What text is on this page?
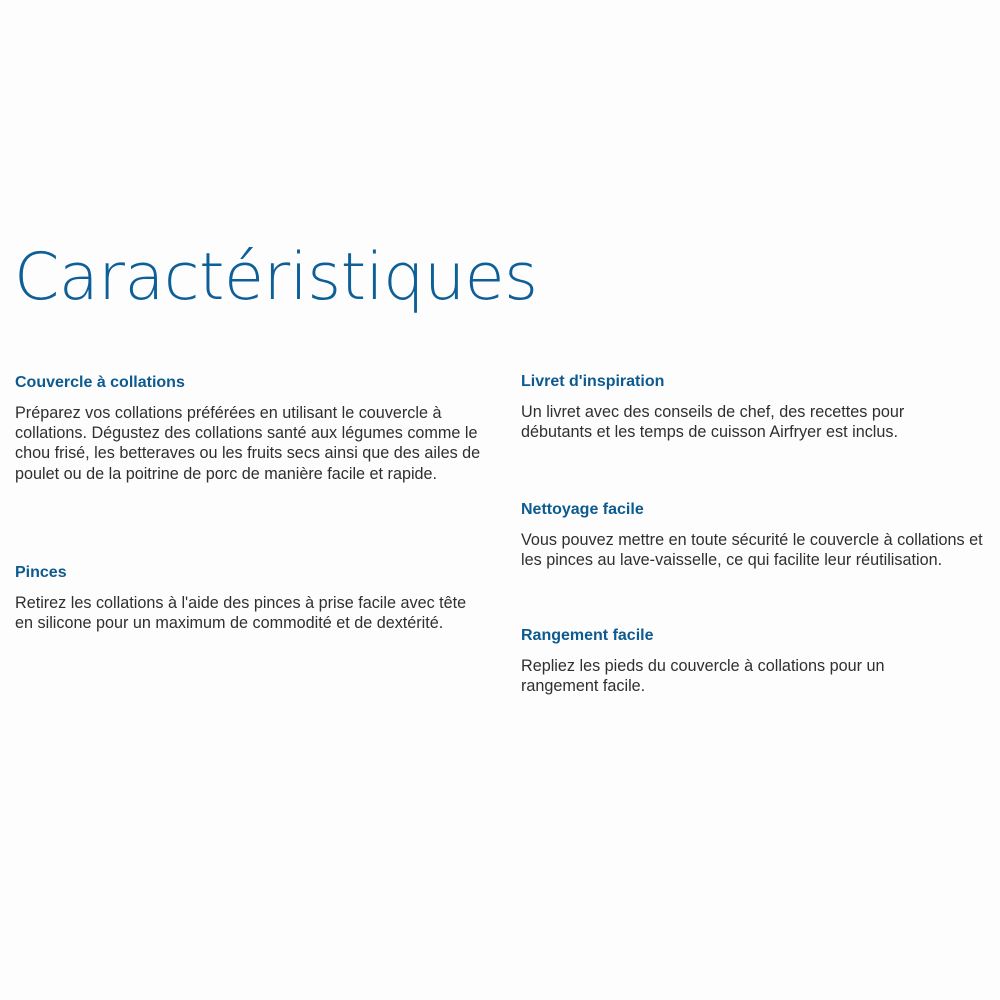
Caractéristiques
Couvercle à collations

Préparez vos collations préférées en utilisant le couvercle à collations. Dégustez des collations santé aux légumes comme le chou frisé, les betteraves ou les fruits secs ainsi que des ailes de poulet ou de la poitrine de porc de manière facile et rapide.

Pinces

Retirez les collations à l'aide des pinces à prise facile avec tête en silicone pour un maximum de commodité et de dextérité.

Livret d'inspiration

Un livret avec des conseils de chef, des recettes pour débutants et les temps de cuisson Airfryer est inclus.

Nettoyage facile

Vous pouvez mettre en toute sécurité le couvercle à collations et les pinces au lave-vaisselle, ce qui facilite leur réutilisation.

Rangement facile

Repliez les pieds du couvercle à collations pour un rangement facile.
